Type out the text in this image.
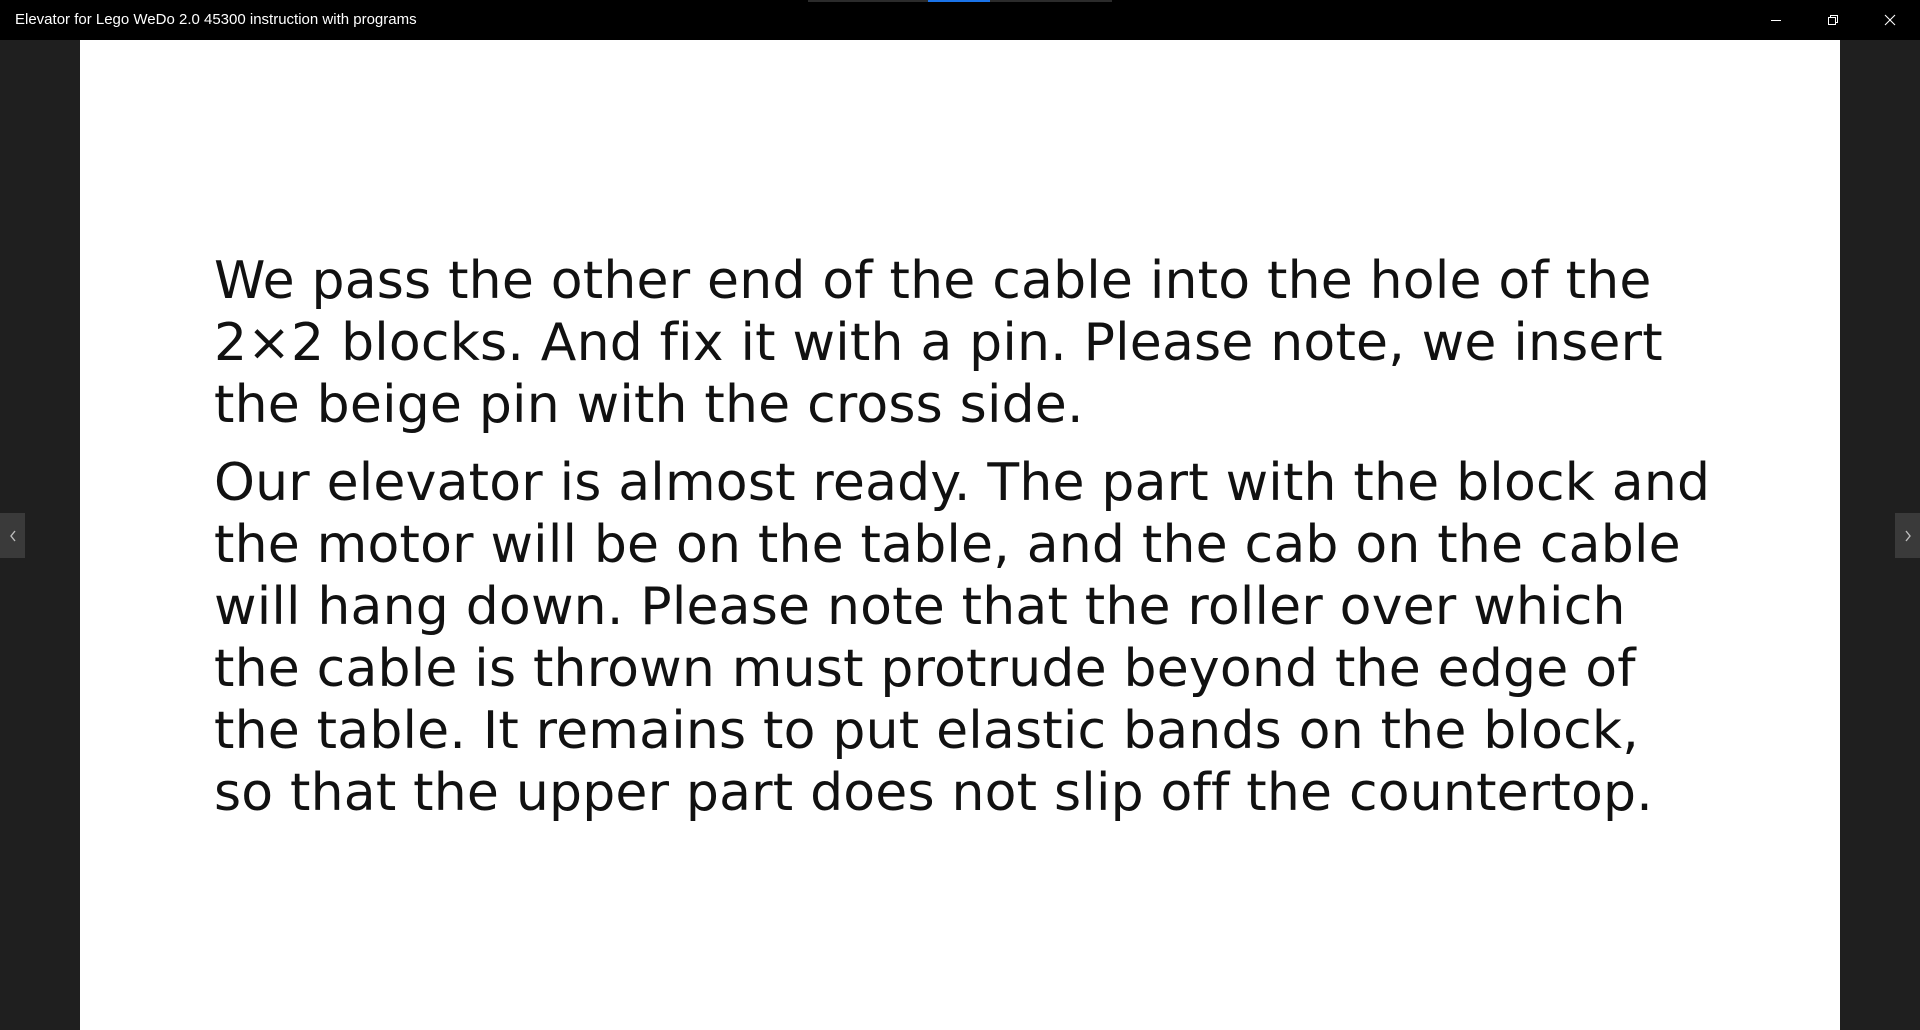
Elevator for Lego WeDo 2.0 45300 instruction with programs

We pass the other end of the cable into the hole of the 2×2 blocks. And fix it with a pin. Please note, we insert the beige pin with the cross side.

Our elevator is almost ready. The part with the block and the motor will be on the table, and the cab on the cable will hang down. Please note that the roller over which the cable is thrown must protrude beyond the edge of the table. It remains to put elastic bands on the block, so that the upper part does not slip off the countertop.
